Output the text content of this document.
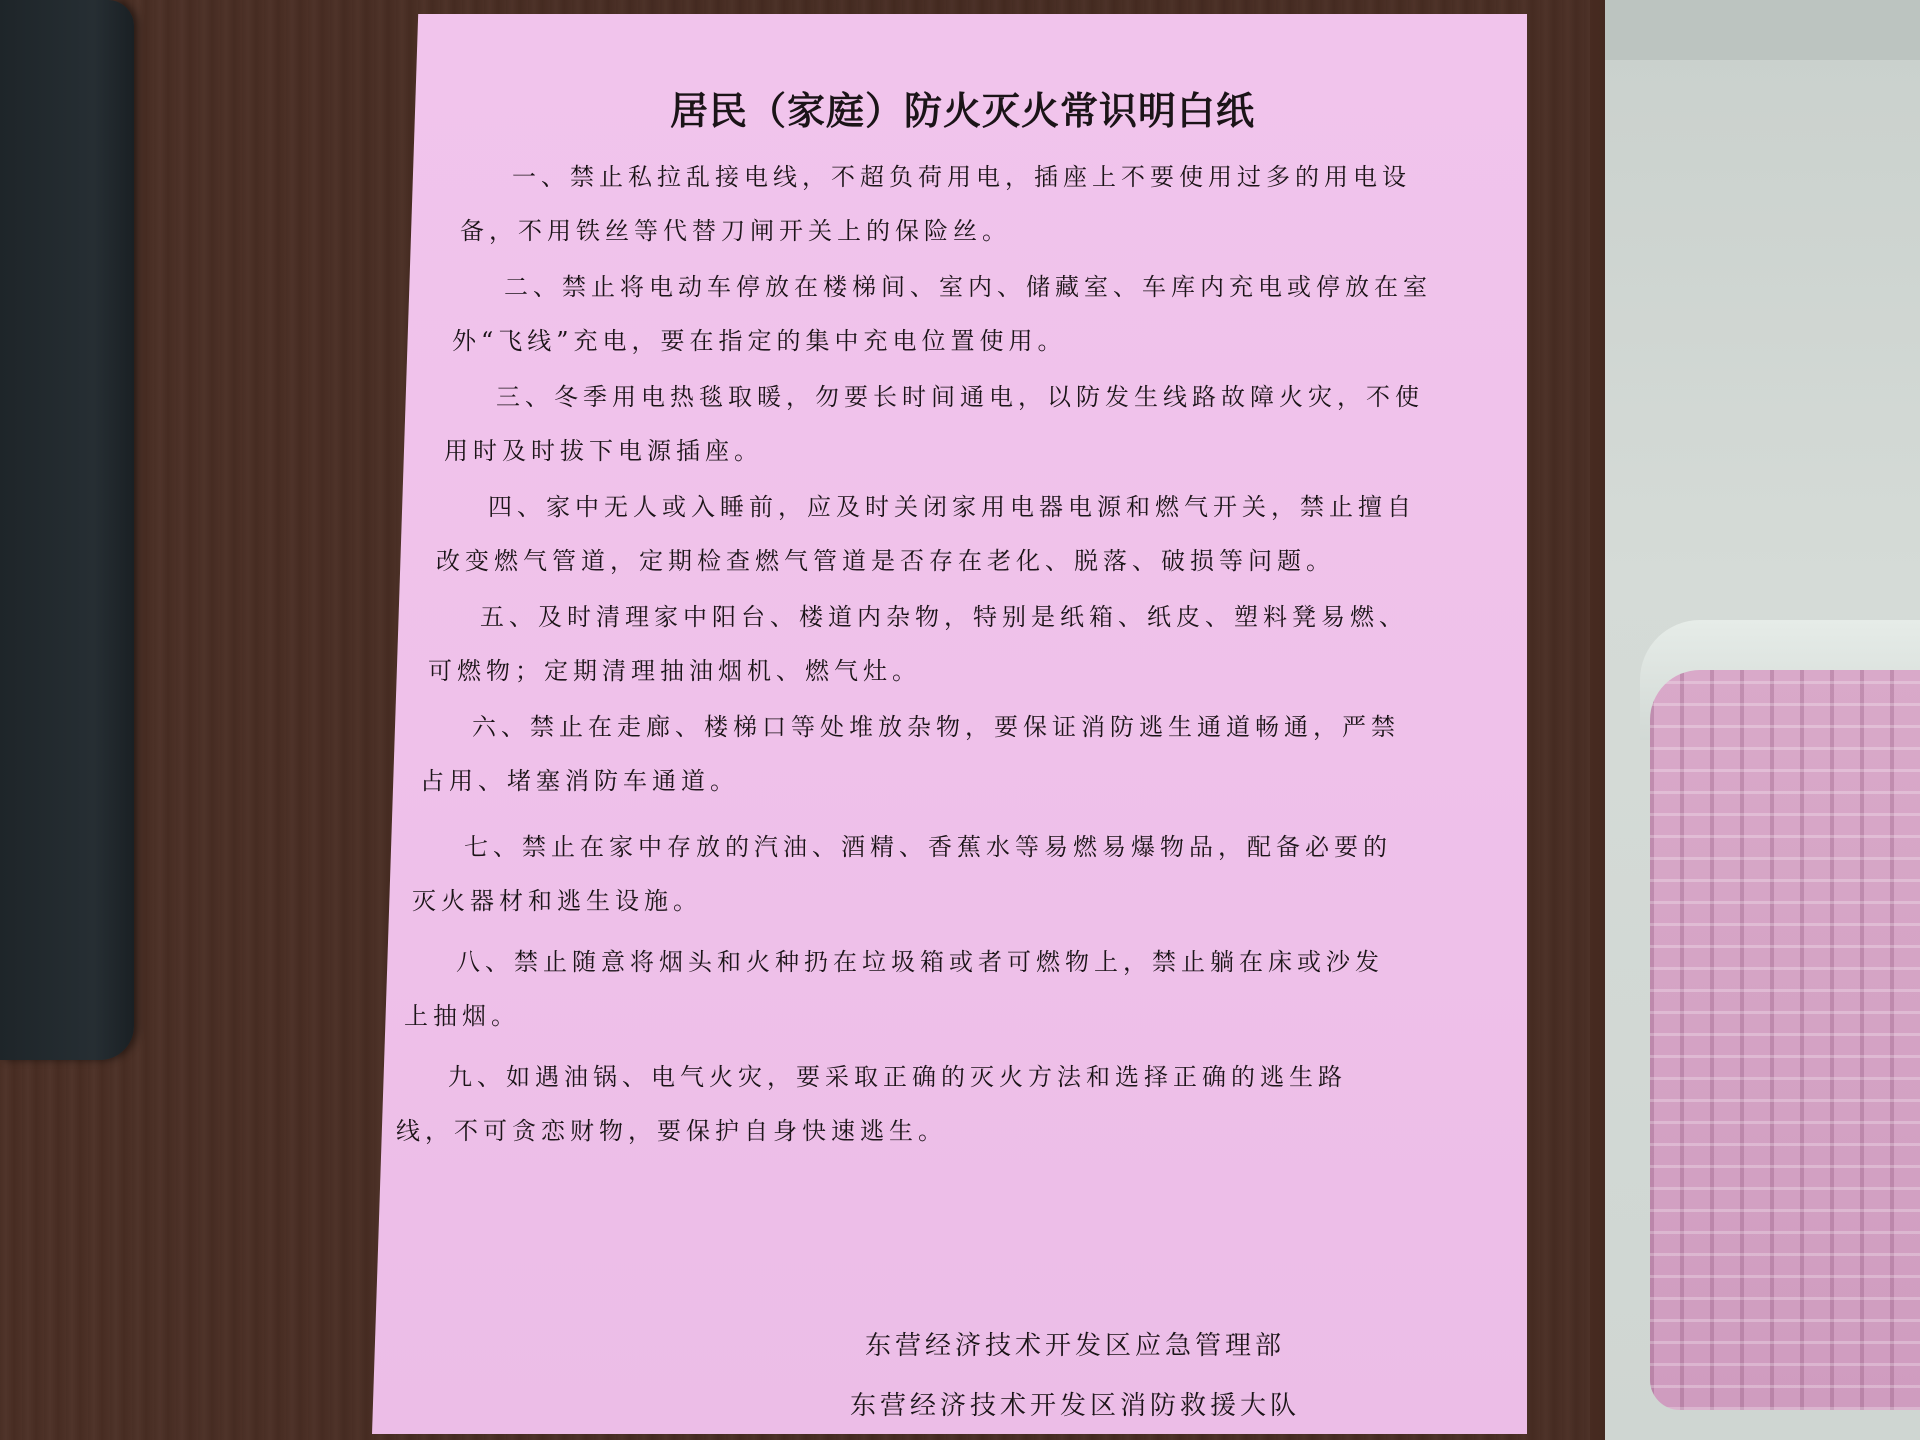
居民（家庭）防火灭火常识明白纸
一、禁止私拉乱接电线，不超负荷用电，插座上不要使用过多的用电设备，不用铁丝等代替刀闸开关上的保险丝。
二、禁止将电动车停放在楼梯间、室内、储藏室、车库内充电或停放在室外“飞线”充电，要在指定的集中充电位置使用。
三、冬季用电热毯取暖，勿要长时间通电，以防发生线路故障火灾，不使用时及时拔下电源插座。
四、家中无人或入睡前，应及时关闭家用电器电源和燃气开关，禁止擅自改变燃气管道，定期检查燃气管道是否存在老化、脱落、破损等问题。
五、及时清理家中阳台、楼道内杂物，特别是纸箱、纸皮、塑料凳易燃、可燃物；定期清理抽油烟机、燃气灶。
六、禁止在走廊、楼梯口等处堆放杂物，要保证消防逃生通道畅通，严禁占用、堵塞消防车通道。
七、禁止在家中存放的汽油、酒精、香蕉水等易燃易爆物品，配备必要的灭火器材和逃生设施。
八、禁止随意将烟头和火种扔在垃圾箱或者可燃物上，禁止躺在床或沙发上抽烟。
九、如遇油锅、电气火灾，要采取正确的灭火方法和选择正确的逃生路线，不可贪恋财物，要保护自身快速逃生。
东营经济技术开发区应急管理部
东营经济技术开发区消防救援大队
